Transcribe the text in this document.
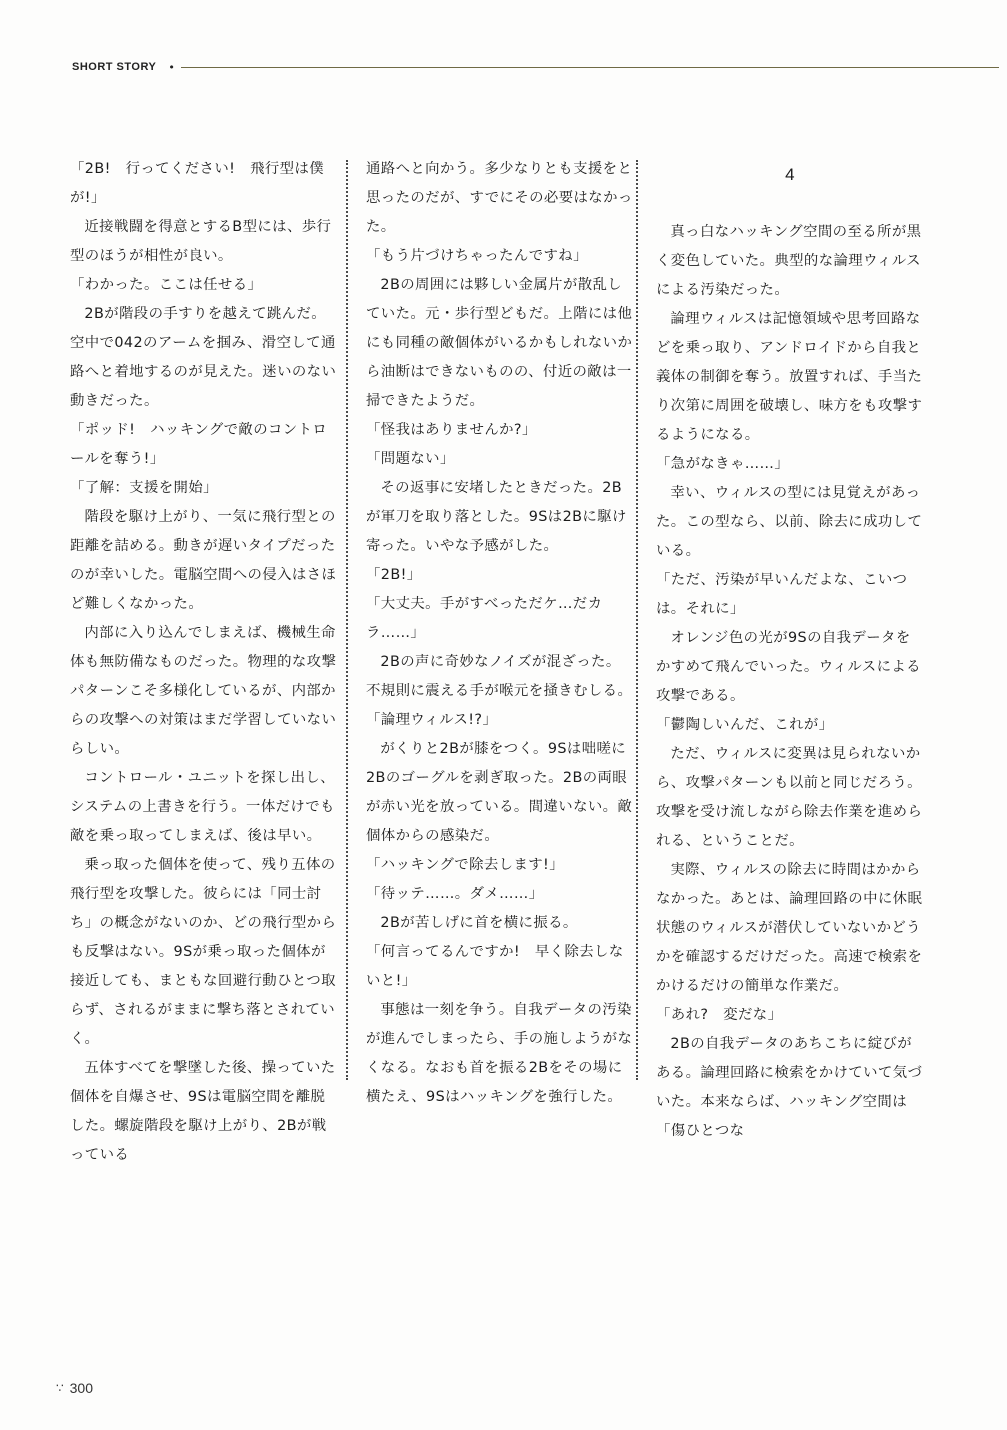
SHORT STORY •

「2B!　行ってください!　飛行型は僕が!」

近接戦闘を得意とするB型には、歩行型のほうが相性が良い。

「わかった。ここは任せる」

2Bが階段の手すりを越えて跳んだ。空中で042のアームを掴み、滑空して通路へと着地するのが見えた。迷いのない動きだった。

「ポッド!　ハッキングで敵のコントロールを奪う!」

「了解：支援を開始」

階段を駆け上がり、一気に飛行型との距離を詰める。動きが遅いタイプだったのが幸いした。電脳空間への侵入はさほど難しくなかった。

内部に入り込んでしまえば、機械生命体も無防備なものだった。物理的な攻撃パターンこそ多様化しているが、内部からの攻撃への対策はまだ学習していないらしい。

コントロール・ユニットを探し出し、システムの上書きを行う。一体だけでも敵を乗っ取ってしまえば、後は早い。

乗っ取った個体を使って、残り五体の飛行型を攻撃した。彼らには「同士討ち」の概念がないのか、どの飛行型からも反撃はない。9Sが乗っ取った個体が接近しても、まともな回避行動ひとつ取らず、されるがままに撃ち落とされていく。

五体すべてを撃墜した後、操っていた個体を自爆させ、9Sは電脳空間を離脱した。螺旋階段を駆け上がり、2Bが戦っている

通路へと向かう。多少なりとも支援をと思ったのだが、すでにその必要はなかった。

「もう片づけちゃったんですね」

2Bの周囲には夥しい金属片が散乱していた。元・歩行型どもだ。上階には他にも同種の敵個体がいるかもしれないから油断はできないものの、付近の敵は一掃できたようだ。

「怪我はありませんか?」

「問題ない」

その返事に安堵したときだった。2Bが軍刀を取り落とした。9Sは2Bに駆け寄った。いやな予感がした。

「2B!」

「大丈夫。手がすべっただケ…だカラ……」

2Bの声に奇妙なノイズが混ざった。不規則に震える手が喉元を掻きむしる。

「論理ウィルス!?」

がくりと2Bが膝をつく。9Sは咄嗟に2Bのゴーグルを剥ぎ取った。2Bの両眼が赤い光を放っている。間違いない。敵個体からの感染だ。

「ハッキングで除去します!」

「待ッテ……。ダメ……」

2Bが苦しげに首を横に振る。

「何言ってるんですか!　早く除去しないと!」

事態は一刻を争う。自我データの汚染が進んでしまったら、手の施しようがなくなる。なおも首を振る2Bをその場に横たえ、9Sはハッキングを強行した。

4

真っ白なハッキング空間の至る所が黒く変色していた。典型的な論理ウィルスによる汚染だった。

論理ウィルスは記憶領域や思考回路などを乗っ取り、アンドロイドから自我と義体の制御を奪う。放置すれば、手当たり次第に周囲を破壊し、味方をも攻撃するようになる。

「急がなきゃ……」

幸い、ウィルスの型には見覚えがあった。この型なら、以前、除去に成功している。

「ただ、汚染が早いんだよな、こいつは。それに」

オレンジ色の光が9Sの自我データをかすめて飛んでいった。ウィルスによる攻撃である。

「鬱陶しいんだ、これが」

ただ、ウィルスに変異は見られないから、攻撃パターンも以前と同じだろう。攻撃を受け流しながら除去作業を進められる、ということだ。

実際、ウィルスの除去に時間はかからなかった。あとは、論理回路の中に休眠状態のウィルスが潜伏していないかどうかを確認するだけだった。高速で検索をかけるだけの簡単な作業だ。

「あれ?　変だな」

2Bの自我データのあちこちに綻びがある。論理回路に検索をかけていて気づいた。本来ならば、ハッキング空間は「傷ひとつな

∵ 300
